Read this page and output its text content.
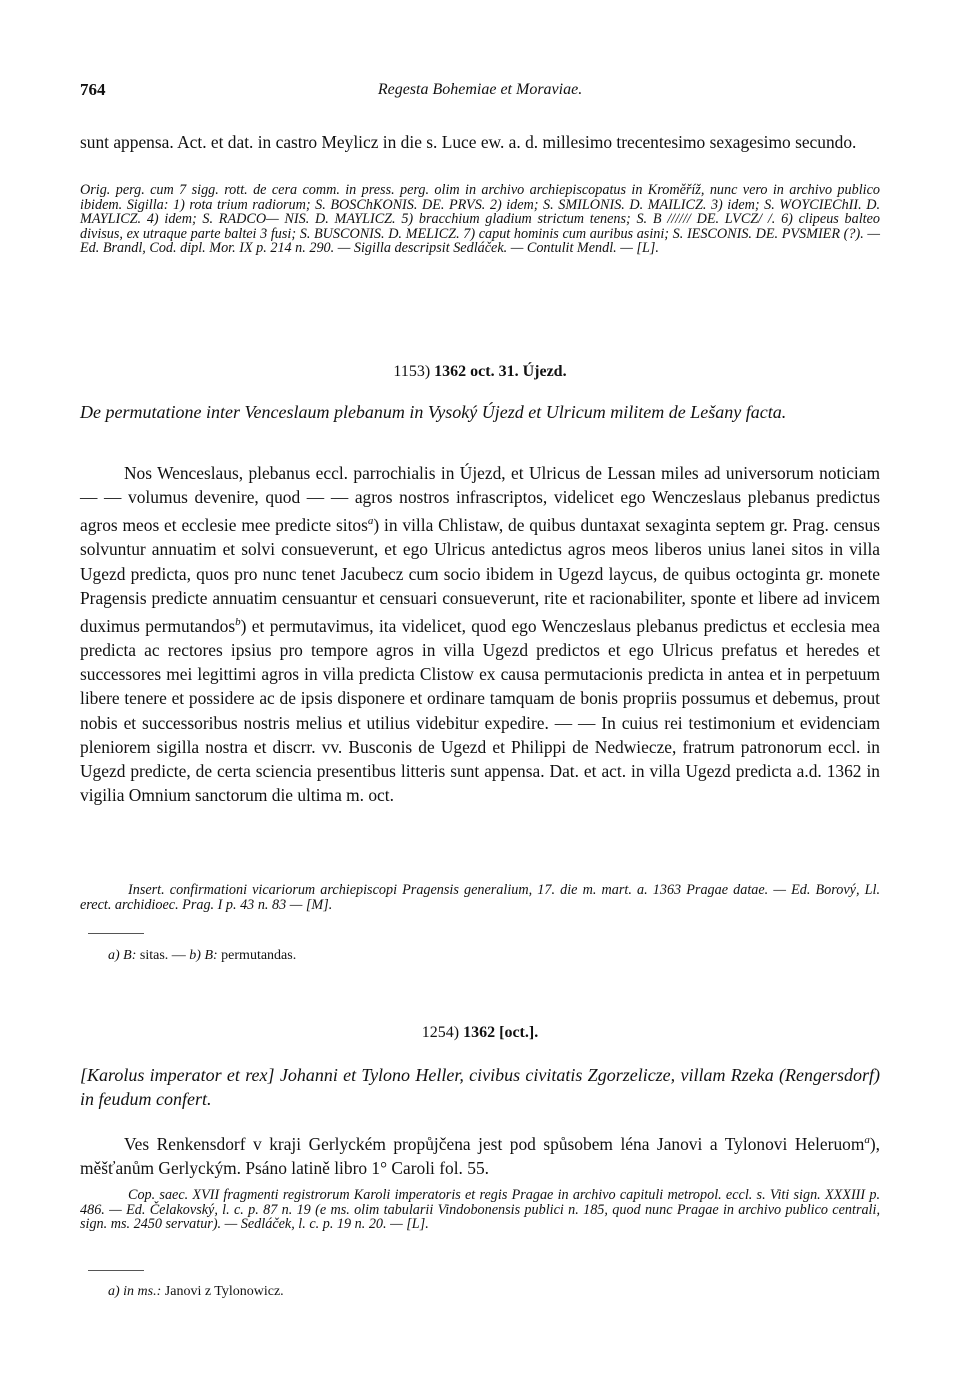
764	Regesta Bohemiae et Moraviae.
sunt appensa. Act. et dat. in castro Meylicz in die s. Luce ew. a. d. millesimo trecentesimo sexagesimo secundo.
Orig. perg. cum 7 sigg. rott. de cera comm. in press. perg. olim in archivo archiepiscopatus in Kroměříž, nunc vero in archivo publico ibidem. Sigilla: 1) rota trium radiorum; S. BOSChKONIS. DE. PRVS. 2) idem; S. SMILONIS. D. MAILICZ. 3) idem; S. WOYCIEChII. D. MAYLICZ. 4) idem; S. RADCO— NIS. D. MAYLICZ. 5) bracchium gladium strictum tenens; S. B ////// DE. LVCZ/ /. 6) clipeus balteo divisus, ex utraque parte baltei 3 fusi; S. BUSCONIS. D. MELICZ. 7) caput hominis cum auribus asini; S. IESCONIS. DE. PVSMIER (?). — Ed. Brandl, Cod. dipl. Mor. IX p. 214 n. 290. — Sigilla descripsit Sedláček. — Contulit Mendl. — [L].
1153) 1362 oct. 31. Újezd.
De permutatione inter Venceslaum plebanum in Vysoký Újezd et Ulricum militem de Lešany facta.
Nos Wenceslaus, plebanus eccl. parrochialis in Újezd, et Ulricus de Lessan miles ad universorum noticiam — — volumus devenire, quod — — agros nostros infrascriptos, videlicet ego Wenczeslaus plebanus predictus agros meos et ecclesie mee predicte sitos$^a$) in villa Chlistaw, de quibus duntaxat sexaginta septem gr. Prag. census solvuntur annuatim et solvi consueverunt, et ego Ulricus antedictus agros meos liberos unius lanei sitos in villa Ugezd predicta, quos pro nunc tenet Jacubecz cum socio ibidem in Ugezd laycus, de quibus octoginta gr. monete Pragensis predicte annuatim censuantur et censuari consueverunt, rite et racionabiliter, sponte et libere ad invicem duximus permutandos$^b$) et permutavimus, ita videlicet, quod ego Wenczeslaus plebanus predictus et ecclesia mea predicta ac rectores ipsius pro tempore agros in villa Ugezd predictos et ego Ulricus prefatus et heredes et successores mei legittimi agros in villa predicta Clistow ex causa permutacionis predicta in antea et in perpetuum libere tenere et possidere ac de ipsis disponere et ordinare tamquam de bonis propriis possumus et debemus, prout nobis et successoribus nostris melius et utilius videbitur expedire. — — In cuius rei testimonium et evidenciam pleniorem sigilla nostra et discrr. vv. Busconis de Ugezd et Philippi de Nedwiecze, fratrum patronorum eccl. in Ugezd predicte, de certa sciencia presentibus litteris sunt appensa. Dat. et act. in villa Ugezd predicta a.d. 1362 in vigilia Omnium sanctorum die ultima m. oct.
Insert. confirmationi vicariorum archiepiscopi Pragensis generalium, 17. die m. mart. a. 1363 Pragae datae. — Ed. Borový, Ll. erect. archidioec. Prag. I p. 43 n. 83 — [M].
a) B: sitas. — b) B: permutandas.
1254) 1362 [oct.].
[Karolus imperator et rex] Johanni et Tylono Heller, civibus civitatis Zgorzelicze, villam Rzeka (Rengersdorf) in feudum confert.
Ves Renkensdorf v kraji Gerlyckém propůjčena jest pod spůsobem léna Janovi a Tylonovi Heleruom$^a$), měšťanům Gerlyckým. Psáno latině libro 1° Caroli fol. 55.
Cop. saec. XVII fragmenti registrorum Karoli imperatoris et regis Pragae in archivo capituli metropol. eccl. s. Viti sign. XXXIII p. 486. — Ed. Čelakovský, l. c. p. 87 n. 19 (e ms. olim tabularii Vindobonensis publici n. 185, quod nunc Pragae in archivo publico centrali, sign. ms. 2450 servatur). — Sedláček, l. c. p. 19 n. 20. — [L].
a) in ms.: Janovi z Tylonowicz.
